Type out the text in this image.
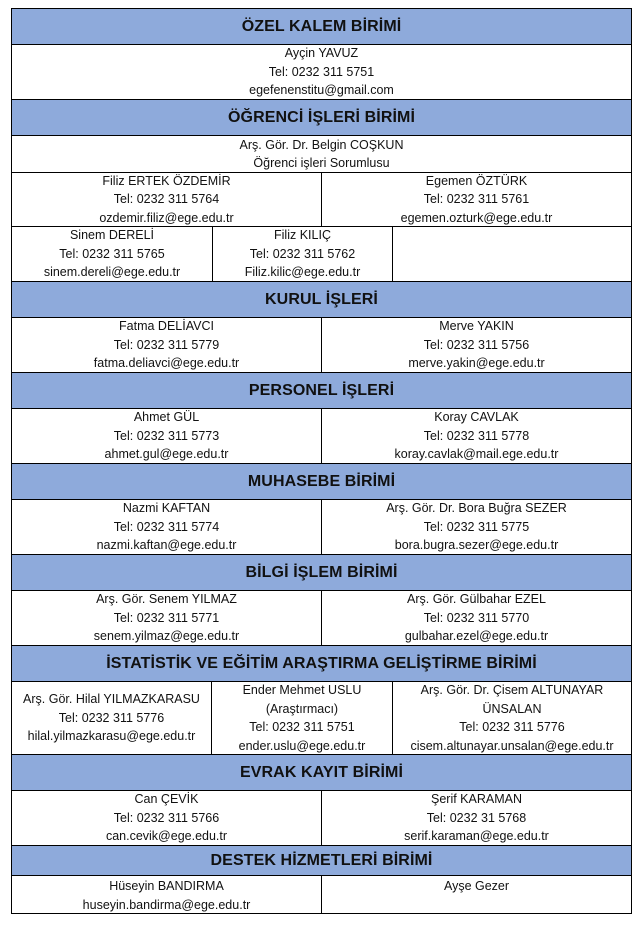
ÖZEL KALEM BİRİMİ
Ayçin YAVUZ
Tel: 0232 311 5751
egefenenstitu@gmail.com
ÖĞRENCİ İŞLERİ BİRİMİ
Arş. Gör. Dr. Belgin COŞKUN
Öğrenci işleri Sorumlusu
Filiz ERTEK ÖZDEMİR
Tel: 0232 311 5764
ozdemir.filiz@ege.edu.tr
Egemen ÖZTÜRK
Tel: 0232 311 5761
egemen.ozturk@ege.edu.tr
Sinem DERELİ
Tel: 0232 311 5765
sinem.dereli@ege.edu.tr
Filiz KILIÇ
Tel: 0232 311 5762
Filiz.kilic@ege.edu.tr
KURUL İŞLERİ
Fatma DELİAVCI
Tel: 0232 311 5779
fatma.deliavci@ege.edu.tr
Merve YAKIN
Tel: 0232 311 5756
merve.yakin@ege.edu.tr
PERSONEL İŞLERİ
Ahmet GÜL
Tel: 0232 311 5773
ahmet.gul@ege.edu.tr
Koray CAVLAK
Tel: 0232 311 5778
koray.cavlak@mail.ege.edu.tr
MUHASEBE BİRİMİ
Nazmi KAFTAN
Tel: 0232 311 5774
nazmi.kaftan@ege.edu.tr
Arş. Gör. Dr. Bora Buğra SEZER
Tel: 0232 311 5775
bora.bugra.sezer@ege.edu.tr
BİLGİ İŞLEM BİRİMİ
Arş. Gör. Senem YILMAZ
Tel: 0232 311 5771
senem.yilmaz@ege.edu.tr
Arş. Gör. Gülbahar EZEL
Tel: 0232 311 5770
gulbahar.ezel@ege.edu.tr
İSTATİSTİK VE EĞİTİM ARAŞTIRMA GELİŞTİRME BİRİMİ
Arş. Gör. Hilal YILMAZKARASU
Tel: 0232 311 5776
hilal.yilmazkarasu@ege.edu.tr
Ender Mehmet USLU
(Araştırmacı)
Tel: 0232 311 5751
ender.uslu@ege.edu.tr
Arş. Gör. Dr. Çisem ALTUNAYAR
ÜNSALAN
Tel: 0232 311 5776
cisem.altunayar.unsalan@ege.edu.tr
EVRAK KAYIT BİRİMİ
Can ÇEVİK
Tel: 0232 311 5766
can.cevik@ege.edu.tr
Şerif KARAMAN
Tel: 0232 31 5768
serif.karaman@ege.edu.tr
DESTEK HİZMETLERİ BİRİMİ
Hüseyin BANDIRMA
huseyin.bandirma@ege.edu.tr
Ayşe Gezer
